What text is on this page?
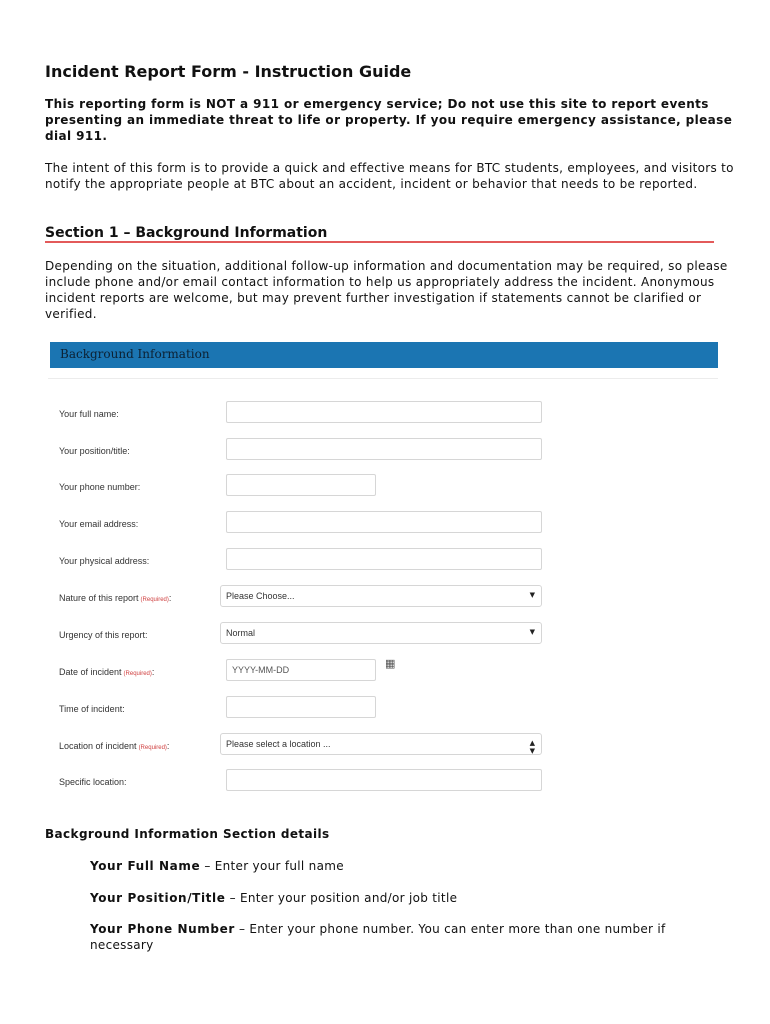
Incident Report Form - Instruction Guide

This reporting form is NOT a 911 or emergency service; Do not use this site to report events presenting an immediate threat to life or property. If you require emergency assistance, please dial 911.

The intent of this form is to provide a quick and effective means for BTC students, employees, and visitors to notify the appropriate people at BTC about an accident, incident or behavior that needs to be reported.

Section 1 – Background Information

Depending on the situation, additional follow-up information and documentation may be required, so please include phone and/or email contact information to help us appropriately address the incident. Anonymous incident reports are welcome, but may prevent further investigation if statements cannot be clarified or verified.

Background Information
Your full name:
Your position/title:
Your phone number:
Your email address:
Your physical address:
Nature of this report (Required):	Please Choose...	▼
Urgency of this report:	Normal	▼
Date of incident (Required):	YYYY-MM-DD	▦
Time of incident:
Location of incident (Required):	Please select a location ...	▲
▼
Specific location:
Background Information Section details

Your Full Name – Enter your full name

Your Position/Title – Enter your position and/or job title

Your Phone Number – Enter your phone number. You can enter more than one number if necessary
